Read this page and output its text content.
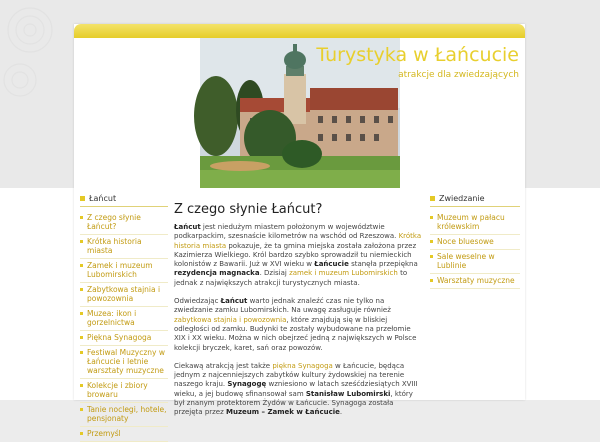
Turystyka w Łańcucie
atrakcje dla zwiedzających
Łańcut
Z czego słynie Łańcut?
Krótka historia miasta
Zamek i muzeum Lubomirskich
Zabytkowa stajnia i powozownia
Muzea: ikon i gorzelnictwa
Piękna Synagoga
Festiwal Muzyczny w Łańcucie i letnie warsztaty muzyczne
Kolekcje i zbiory browaru
Tanie noclegi, hotele, pensjonaty
Przemyśl
Z czego słynie Łańcut?

Łańcut jest niedużym miastem położonym w województwie podkarpackim, szesnaście kilometrów na wschód od Rzeszowa. Krótka historia miasta pokazuje, że ta gmina miejska została założona przez Kazimierza Wielkiego. Król bardzo szybko sprowadził tu niemieckich kolonistów z Bawarii. Już w XVI wieku w Łańcucie stanęła przepiękna rezydencja magnacka. Dzisiaj zamek i muzeum Lubomirskich to jednak z największych atrakcji turystycznych miasta.

Odwiedzając Łańcut warto jednak znaleźć czas nie tylko na zwiedzanie zamku Lubomirskich. Na uwagę zasługuje również zabytkowa stajnia i powozownia, które znajdują się w bliskiej odległości od zamku. Budynki te zostały wybudowane na przełomie XIX i XX wieku. Można w nich obejrzeć jedną z największych w Polsce kolekcji bryczek, karet, sań oraz powozów.

Ciekawą atrakcją jest także piękna Synagoga w Łańcucie, będąca jednym z najcenniejszych zabytków kultury żydowskiej na terenie naszego kraju. Synagogę wzniesiono w latach sześćdziesiątych XVIII wieku, a jej budowę sfinansował sam Stanisław Lubomirski, który był znanym protektorem Żydów w Łańcucie. Synagoga została przejęta przez Muzeum – Zamek w Łańcucie.

Zwiedzanie
Muzeum w pałacu królewskim
Noce bluesowe
Sale weselne w Lublinie
Warsztaty muzyczne
